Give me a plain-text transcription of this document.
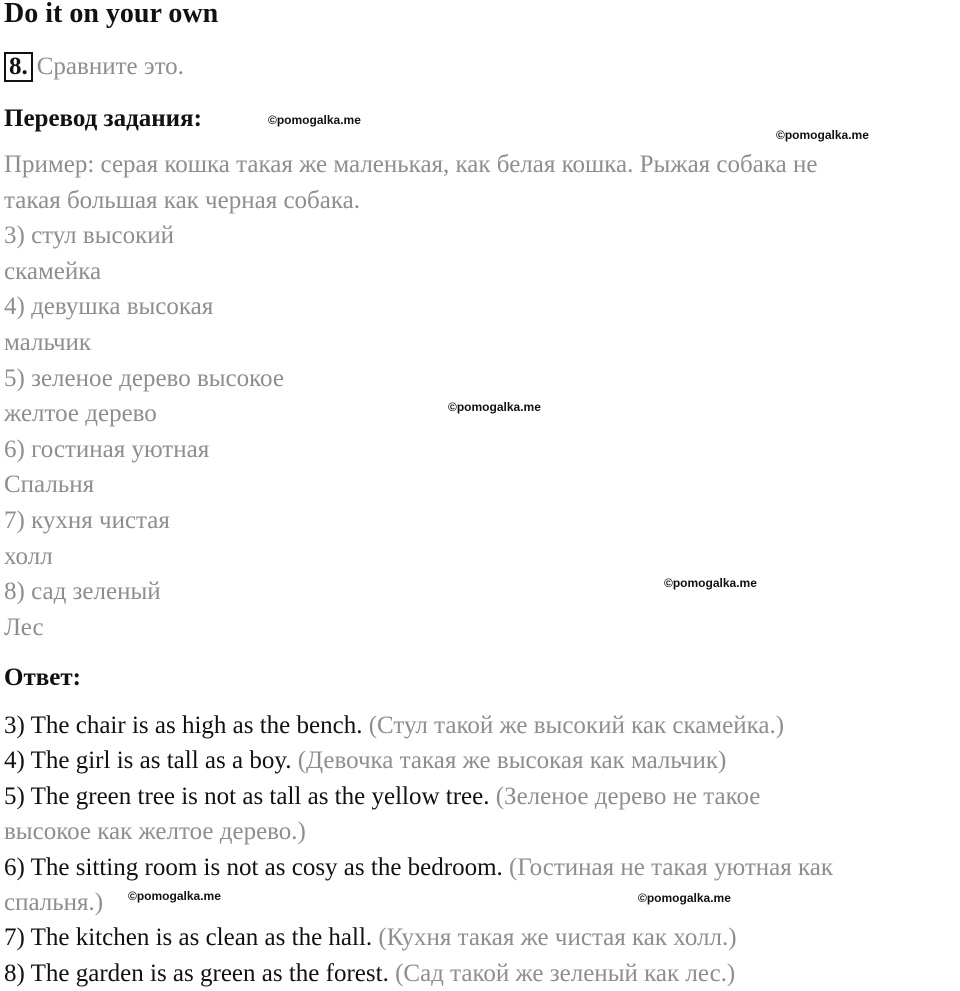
Do it on your own
8. Сравните это.
Перевод задания:	©pomogalka.me
©pomogalka.me
Пример: серая кошка такая же маленькая, как белая кошка. Рыжая собака не
такая большая как черная собака.
3) стул высокий
скамейка
4) девушка высокая
мальчик
5) зеленое дерево высокое
желтое дерево
6) гостиная уютная
Спальня
7) кухня чистая
холл
8) сад зеленый
Лес
©pomogalka.me
©pomogalka.me
Ответ:
3) The chair is as high as the bench. (Стул такой же высокий как скамейка.)
4) The girl is as tall as a boy. (Девочка такая же высокая как мальчик)
5) The green tree is not as tall as the yellow tree. (Зеленое дерево не такое
высокое как желтое дерево.)
6) The sitting room is not as cosy as the bedroom. (Гостиная не такая уютная как
спальня.)
7) The kitchen is as clean as the hall. (Кухня такая же чистая как холл.)
8) The garden is as green as the forest. (Сад такой же зеленый как лес.)
©pomogalka.me	©pomogalka.me
